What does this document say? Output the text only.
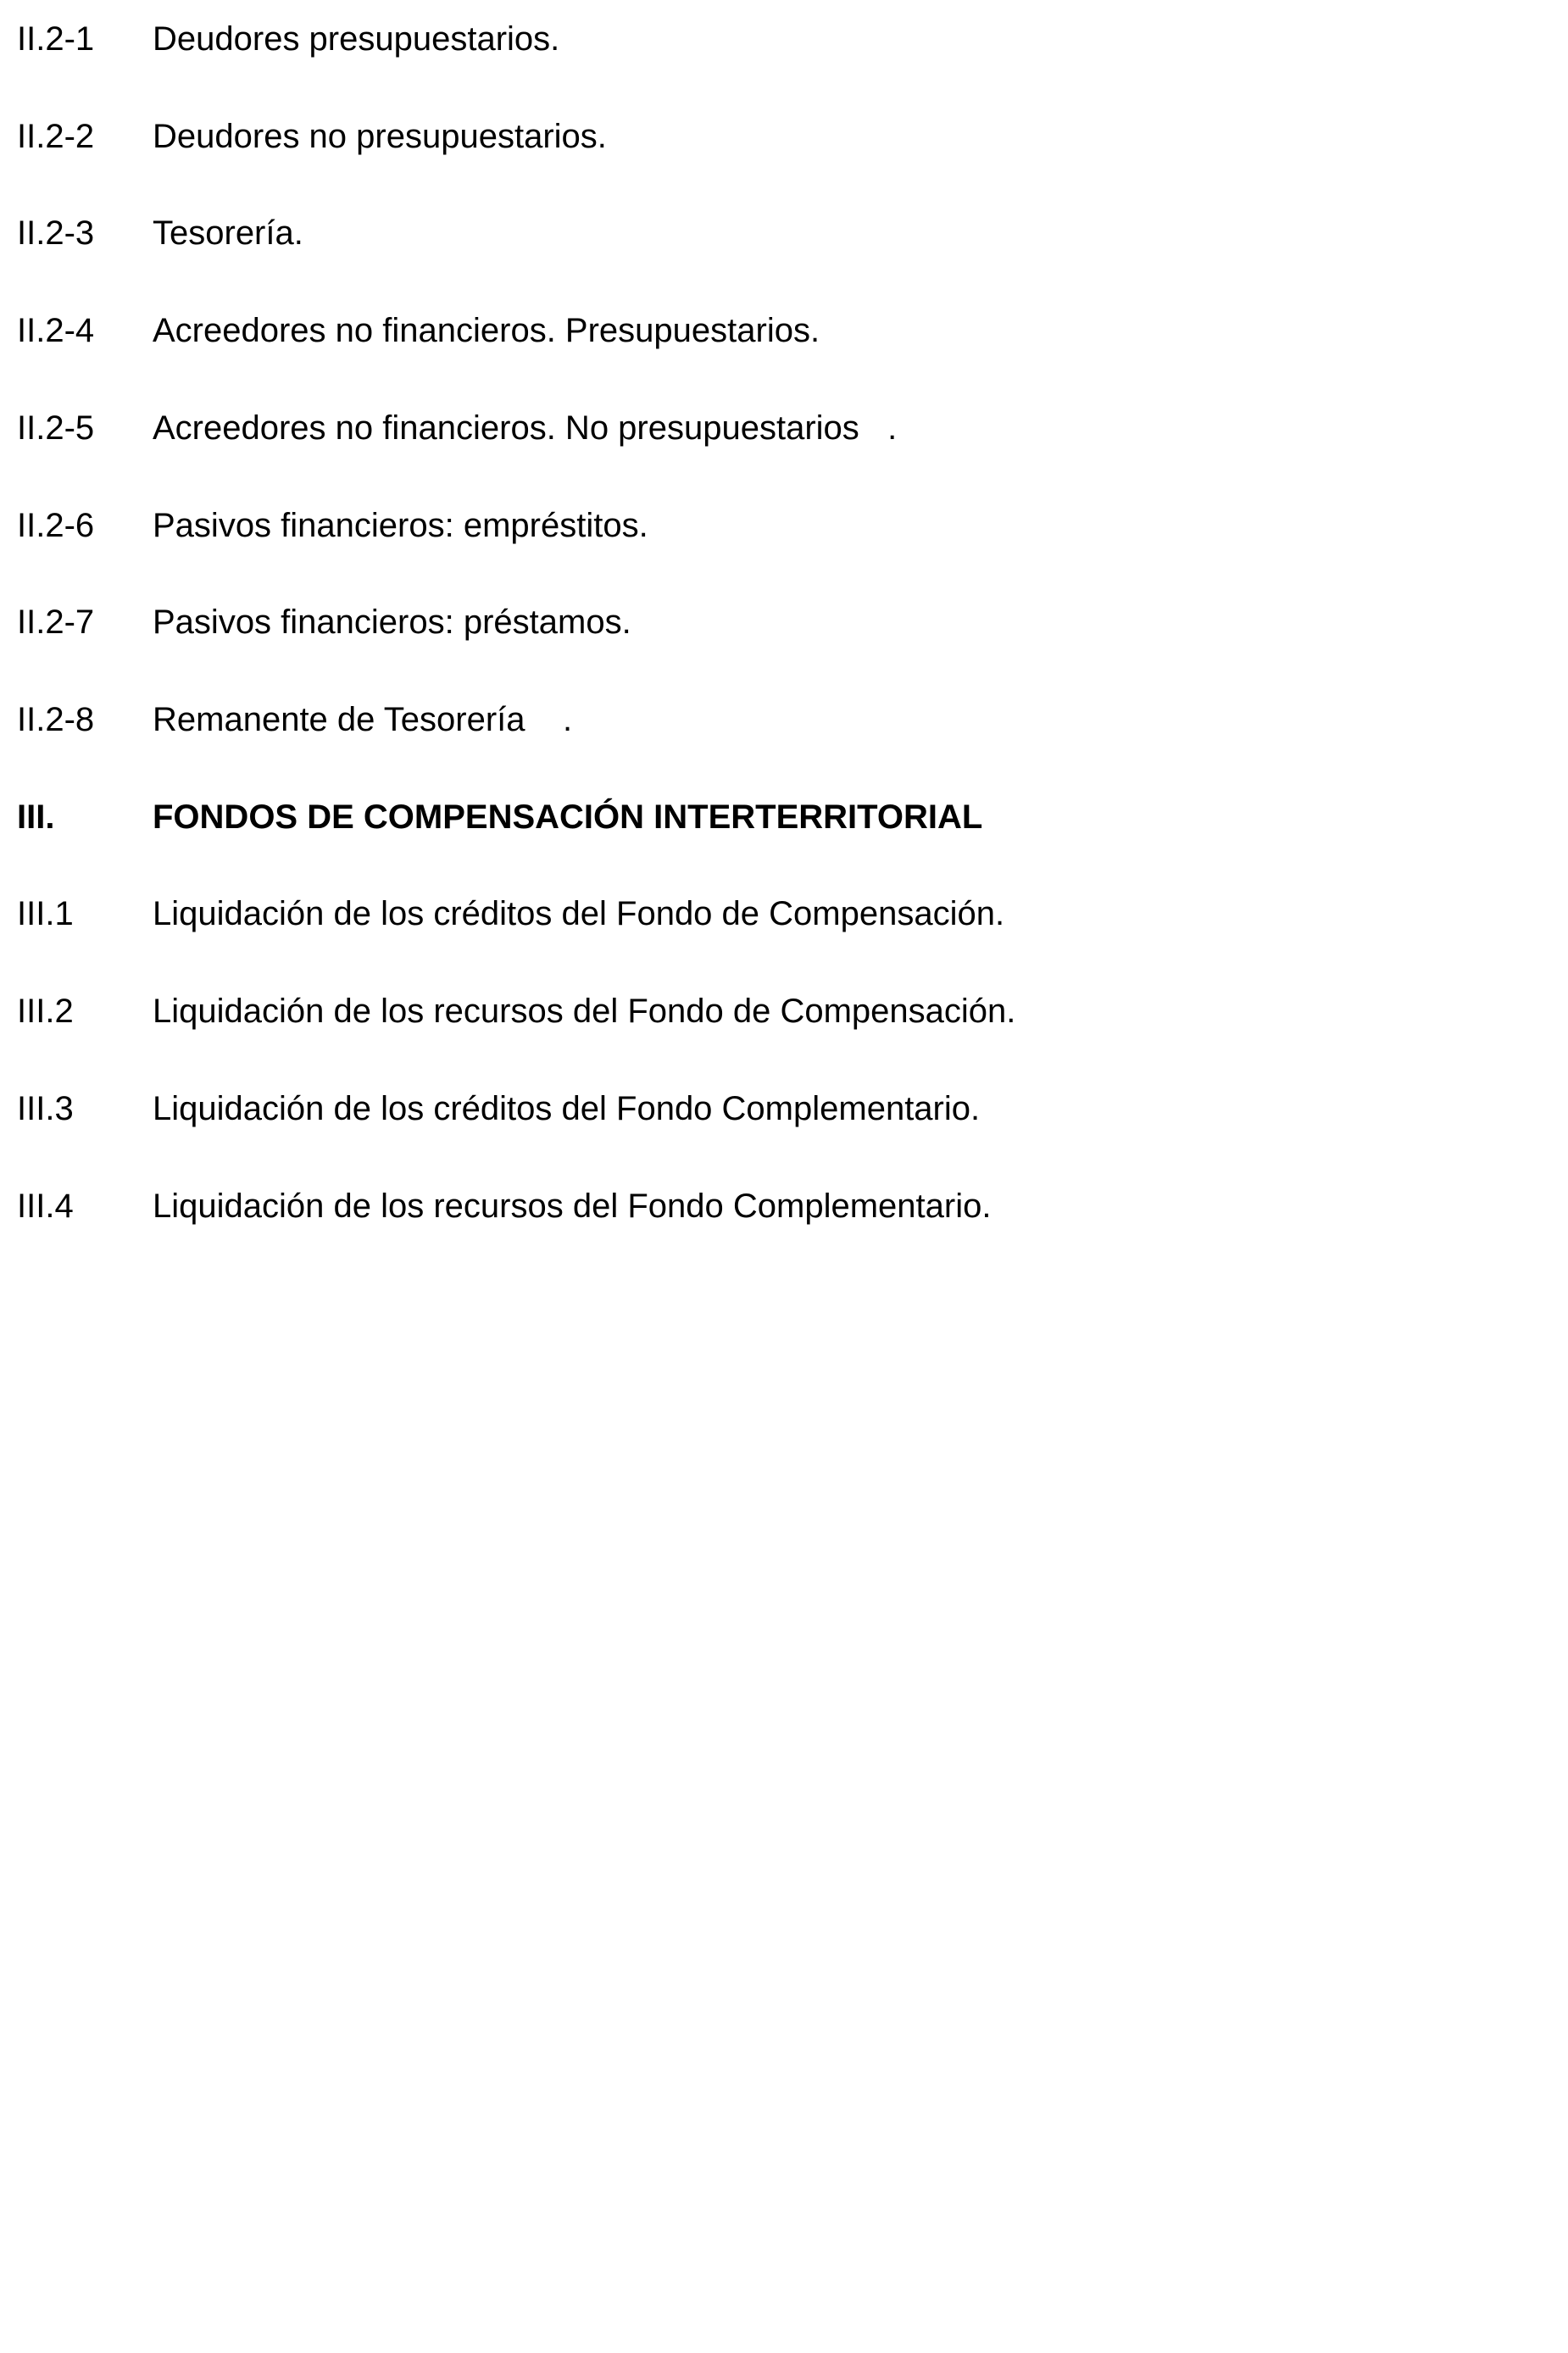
II.2-1 Deudores presupuestarios.
II.2-2 Deudores no presupuestarios.
II.2-3 Tesorería.
II.2-4 Acreedores no financieros. Presupuestarios.
II.2-5 Acreedores no financieros. No presupuestarios   .
II.2-6 Pasivos financieros: empréstitos.
II.2-7 Pasivos financieros: préstamos.
II.2-8 Remanente de Tesorería    .
III.	FONDOS DE COMPENSACIÓN INTERTERRITORIAL
III.1 Liquidación de los créditos del Fondo de Compensación.
III.2 Liquidación de los recursos del Fondo de Compensación.
III.3 Liquidación de los créditos del Fondo Complementario.
III.4 Liquidación de los recursos del Fondo Complementario.
